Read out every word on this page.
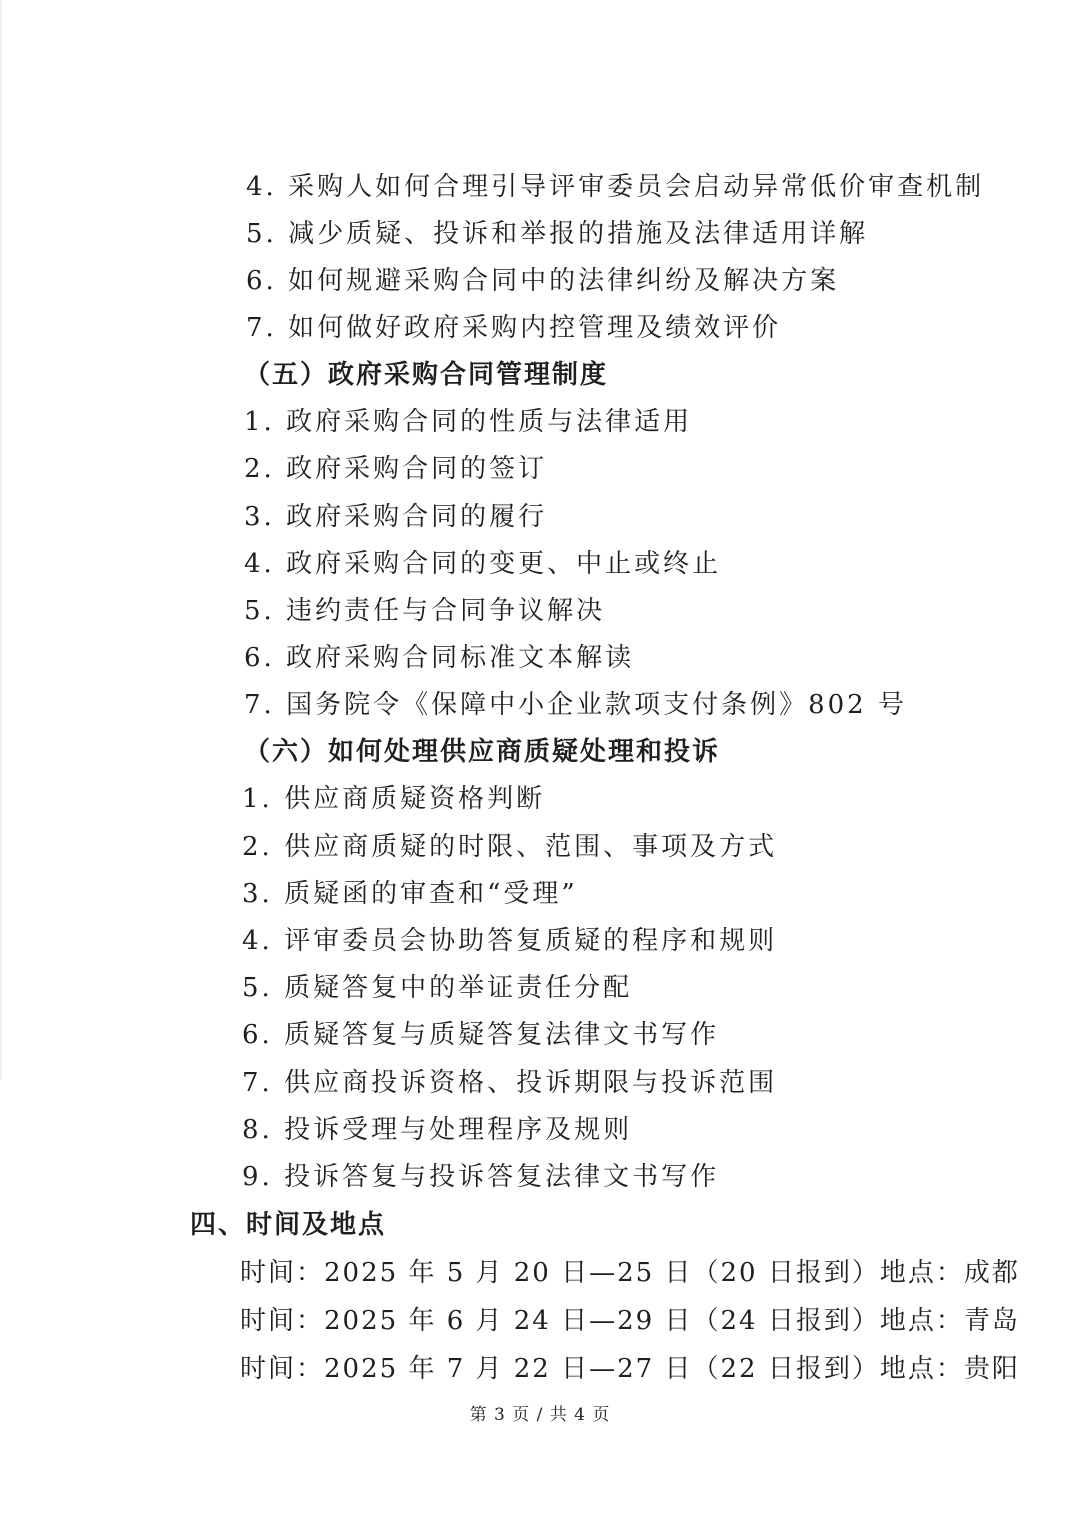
4. 采购人如何合理引导评审委员会启动异常低价审查机制
5. 减少质疑、投诉和举报的措施及法律适用详解
6. 如何规避采购合同中的法律纠纷及解决方案
7. 如何做好政府采购内控管理及绩效评价
（五）政府采购合同管理制度
1. 政府采购合同的性质与法律适用
2. 政府采购合同的签订
3. 政府采购合同的履行
4. 政府采购合同的变更、中止或终止
5. 违约责任与合同争议解决
6. 政府采购合同标准文本解读
7. 国务院令《保障中小企业款项支付条例》802 号
（六）如何处理供应商质疑处理和投诉
1. 供应商质疑资格判断
2. 供应商质疑的时限、范围、事项及方式
3. 质疑函的审查和“受理”
4. 评审委员会协助答复质疑的程序和规则
5. 质疑答复中的举证责任分配
6. 质疑答复与质疑答复法律文书写作
7. 供应商投诉资格、投诉期限与投诉范围
8. 投诉受理与处理程序及规则
9. 投诉答复与投诉答复法律文书写作
四、时间及地点
时间：2025 年 5 月 20 日—25 日（20 日报到）地点：成都
时间：2025 年 6 月 24 日—29 日（24 日报到）地点：青岛
时间：2025 年 7 月 22 日—27 日（22 日报到）地点：贵阳
第 3 页 / 共 4 页
